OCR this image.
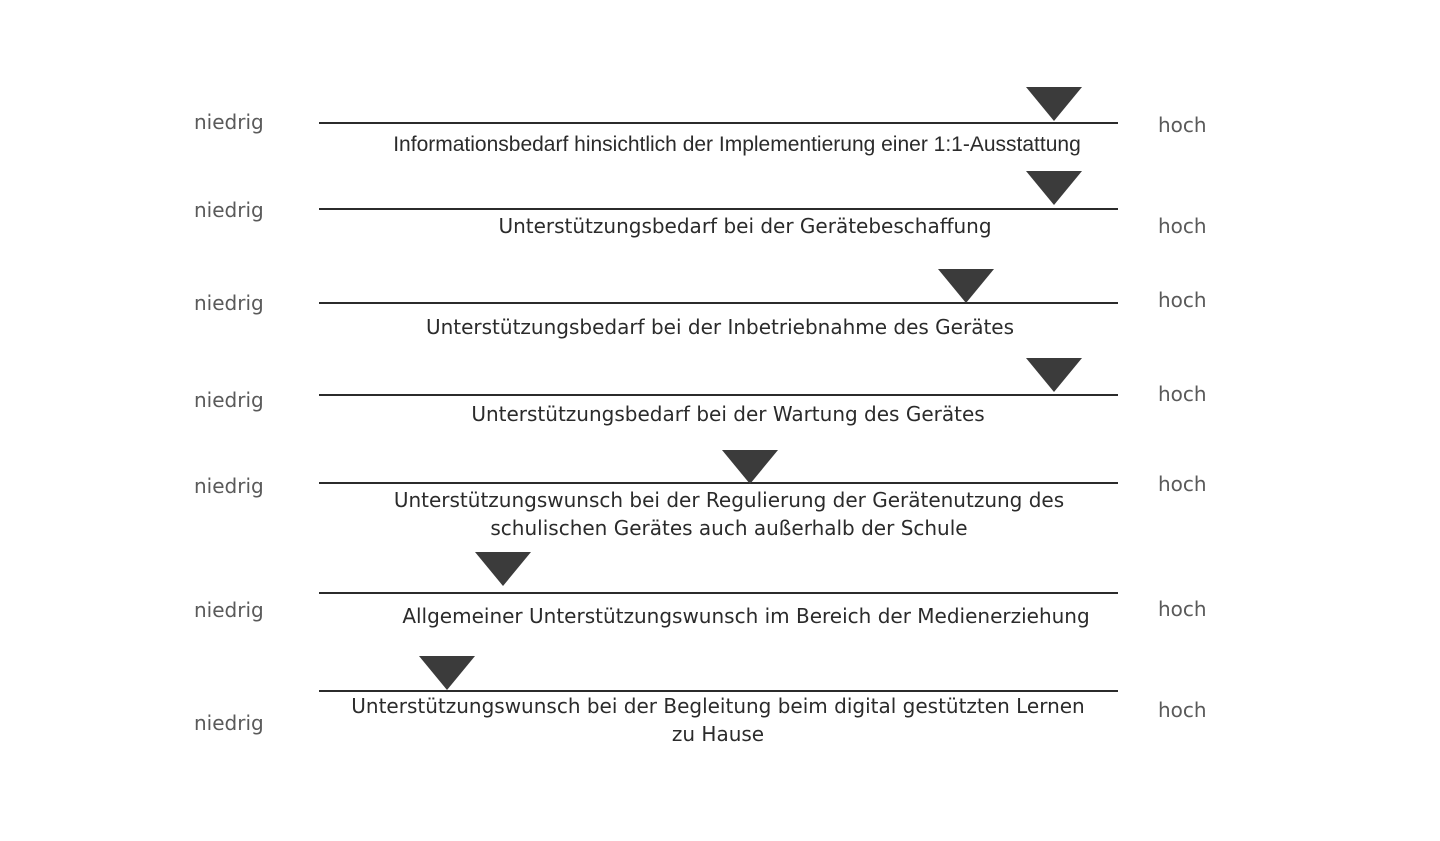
niedrig
Informationsbedarf hinsichtlich der Implementierung einer 1:1-Ausstattung
hoch
niedrig
Unterstützungsbedarf bei der Gerätebeschaffung	hoch
niedrig
Unterstützungsbedarf bei der Inbetriebnahme des Gerätes
hoch
niedrig
Unterstützungsbedarf bei der Wartung des Gerätes
hoch
niedrig
Unterstützungswunsch bei der Regulierung der Gerätenutzung des schulischen Gerätes auch außerhalb der Schule
hoch
niedrig	Allgemeiner Unterstützungswunsch im Bereich der Medienerziehung	hoch
niedrig
Unterstützungswunsch bei der Begleitung beim digital gestützten Lernen zu Hause
hoch
